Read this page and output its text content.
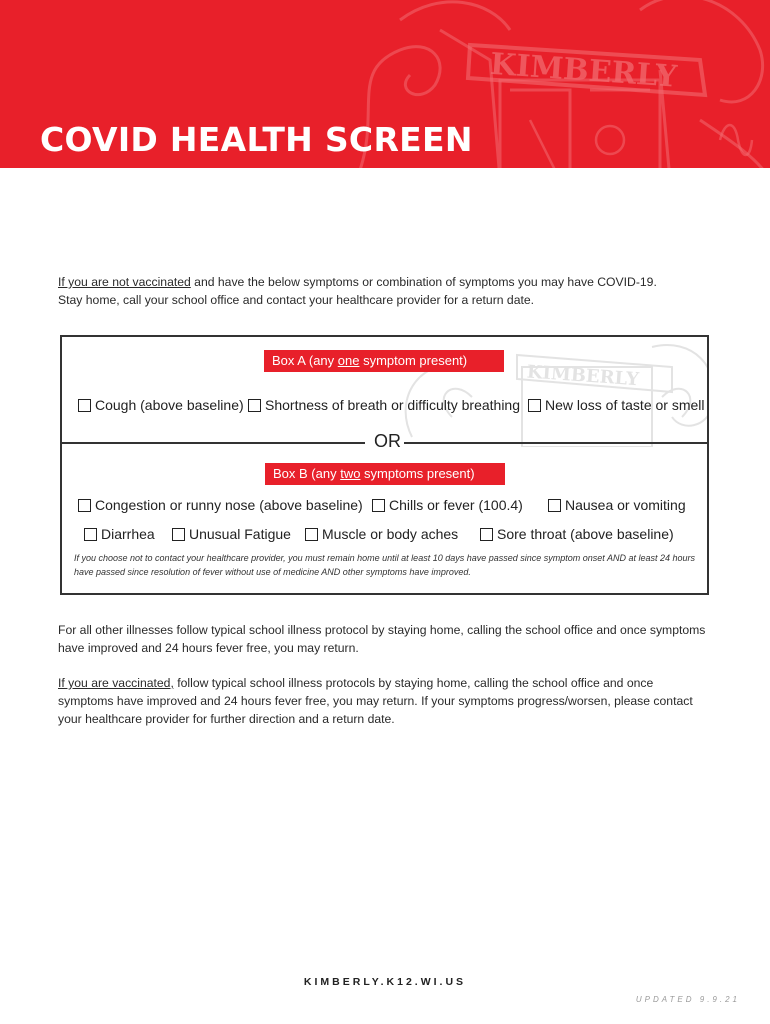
KIMBERLY
COVID HEALTH SCREEN
If you are not vaccinated and have the below symptoms or combination of symptoms you may have COVID-19.
Stay home, call your school office and contact your healthcare provider for a return date.
KIMBERLY
Box A (any one symptom present)
Cough (above baseline) Shortness of breath or difficulty breathing New loss of taste or smell
OR
Box B (any two symptoms present)
Congestion or runny nose (above baseline) Chills or fever (100.4)	Nausea or vomiting
Diarrhea Unusual Fatigue Muscle or body aches	Sore throat (above baseline)
If you choose not to contact your healthcare provider, you must remain home until at least 10 days have passed since symptom onset AND at least 24 hours have passed since resolution of fever without use of medicine AND other symptoms have improved.
For all other illnesses follow typical school illness protocol by staying home, calling the school office and once symptoms have improved and 24 hours fever free, you may return.
If you are vaccinated, follow typical school illness protocols by staying home, calling the school office and once symptoms have improved and 24 hours fever free, you may return. If your symptoms progress/worsen, please contact your healthcare provider for further direction and a return date.
KIMBERLY.K12.WI.US
UPDATED 9.9.21
